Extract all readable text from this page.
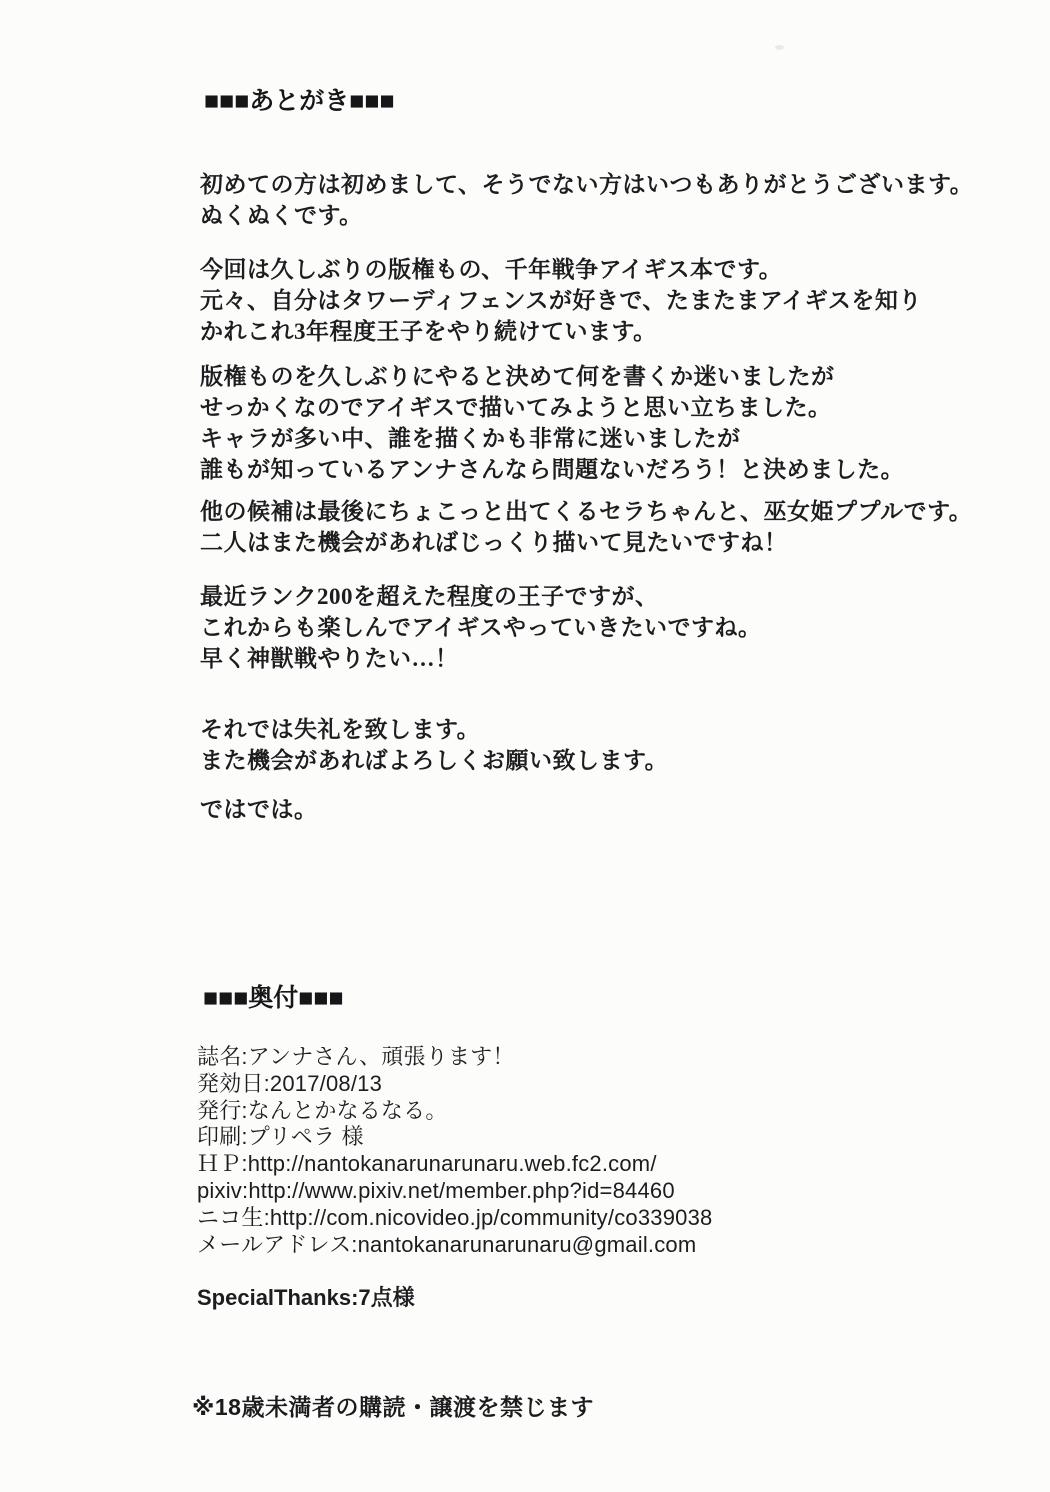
■■■あとがき■■■
初めての方は初めまして、そうでない方はいつもありがとうございます。
ぬくぬくです。
今回は久しぶりの版権もの、千年戦争アイギス本です。
元々、自分はタワーディフェンスが好きで、たまたまアイギスを知り
かれこれ3年程度王子をやり続けています。
版権ものを久しぶりにやると決めて何を書くか迷いましたが
せっかくなのでアイギスで描いてみようと思い立ちました。
キャラが多い中、誰を描くかも非常に迷いましたが
誰もが知っているアンナさんなら問題ないだろう！と決めました。
他の候補は最後にちょこっと出てくるセラちゃんと、巫女姫ププルです。
二人はまた機会があればじっくり描いて見たいですね！
最近ランク200を超えた程度の王子ですが、
これからも楽しんでアイギスやっていきたいですね。
早く神獣戦やりたい…！
それでは失礼を致します。
また機会があればよろしくお願い致します。
ではでは。
■■■奥付■■■
誌名:アンナさん、頑張ります！
発効日:2017/08/13
発行:なんとかなるなる。
印刷:プリペラ 様
ＨＰ:http://nantokanarunarunaru.web.fc2.com/
pixiv:http://www.pixiv.net/member.php?id=84460
ニコ生:http://com.nicovideo.jp/community/co339038
メールアドレス:nantokanarunarunaru@gmail.com
SpecialThanks:7点様
※18歳未満者の購読・譲渡を禁じます
